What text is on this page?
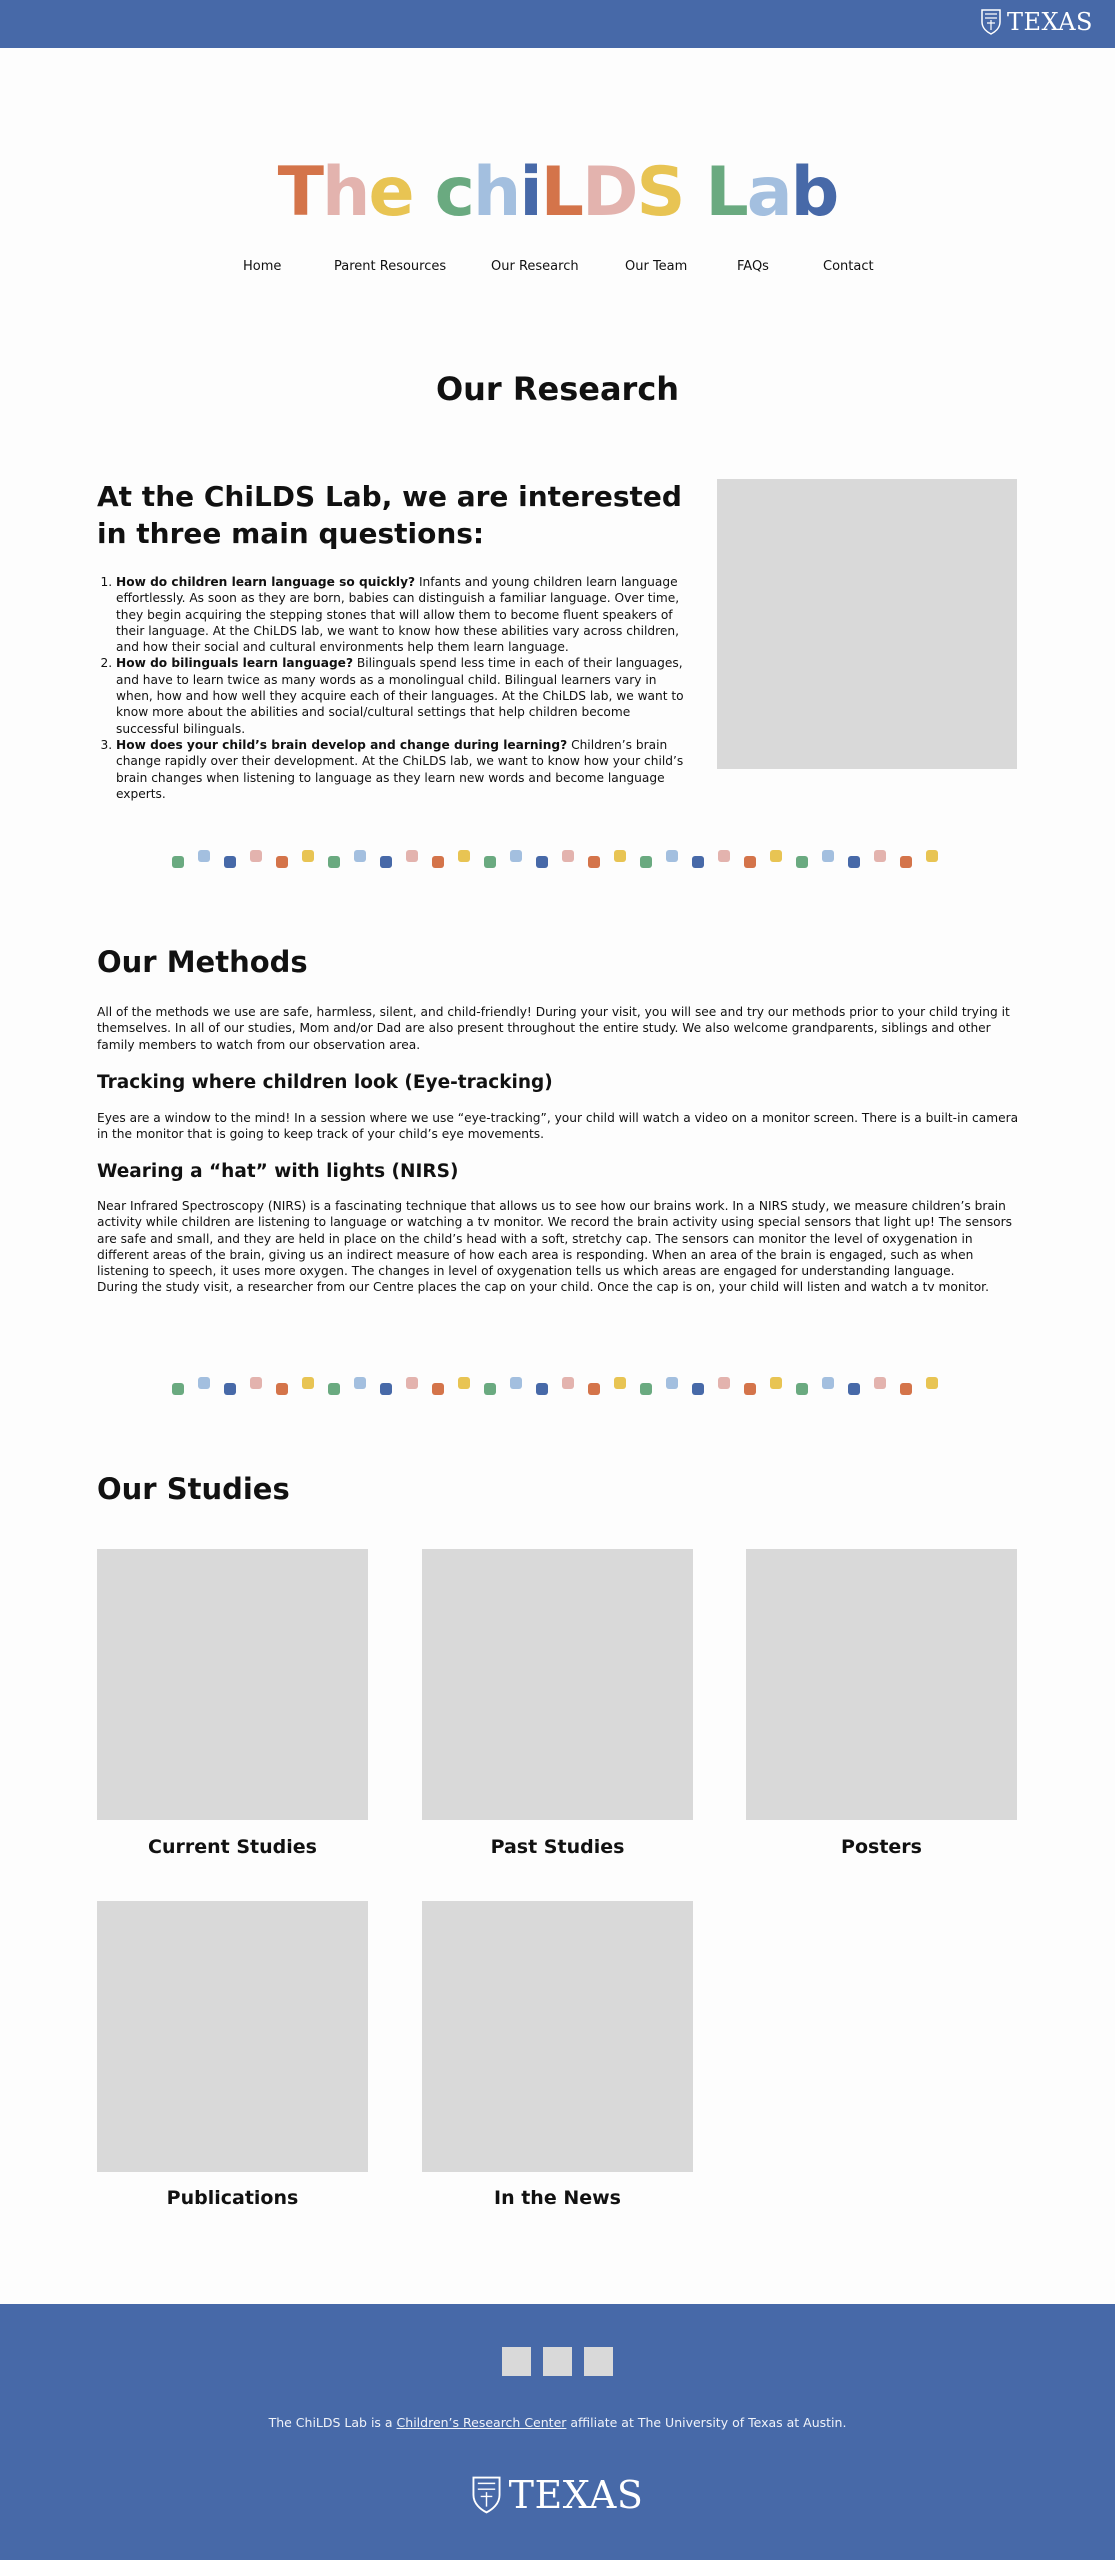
TEXAS
T h e
c h i L D S
L a b
Home	Parent Resources	Our Research	Our Team	FAQs	Contact
Our Research
At the ChiLDS Lab, we are interested in three main questions:
1. How do children learn language so quickly? Infants and young children learn language effortlessly. As soon as they are born, babies can distinguish a familiar language. Over time, they begin acquiring the stepping stones that will allow them to become fluent speakers of their language. At the ChiLDS lab, we want to know how these abilities vary across children, and how their social and cultural environments help them learn language.
2. How do bilinguals learn language? Bilinguals spend less time in each of their languages, and have to learn twice as many words as a monolingual child. Bilingual learners vary in when, how and how well they acquire each of their languages. At the ChiLDS lab, we want to know more about the abilities and social/cultural settings that help children become successful bilinguals.
3. How does your child’s brain develop and change during learning? Children’s brain change rapidly over their development. At the ChiLDS lab, we want to know how your child’s brain changes when listening to language as they learn new words and become language experts.
Our Methods
All of the methods we use are safe, harmless, silent, and child-friendly! During your visit, you will see and try our methods prior to your child trying it themselves. In all of our studies, Mom and/or Dad are also present throughout the entire study. We also welcome grandparents, siblings and other family members to watch from our observation area.
Tracking where children look (Eye-tracking)
Eyes are a window to the mind! In a session where we use “eye-tracking”, your child will watch a video on a monitor screen. There is a built-in camera in the monitor that is going to keep track of your child’s eye movements.
Wearing a “hat” with lights (NIRS)
Near Infrared Spectroscopy (NIRS) is a fascinating technique that allows us to see how our brains work. In a NIRS study, we measure children’s brain activity while children are listening to language or watching a tv monitor. We record the brain activity using special sensors that light up! The sensors are safe and small, and they are held in place on the child’s head with a soft, stretchy cap. The sensors can monitor the level of oxygenation in different areas of the brain, giving us an indirect measure of how each area is responding. When an area of the brain is engaged, such as when listening to speech, it uses more oxygen. The changes in level of oxygenation tells us which areas are engaged for understanding language.
During the study visit, a researcher from our Centre places the cap on your child. Once the cap is on, your child will listen and watch a tv monitor.
Our Studies
Current Studies	Past Studies	Posters
Publications	In the News
The ChiLDS Lab is a Children’s Research Center affiliate at The University of Texas at Austin.
TEXAS
